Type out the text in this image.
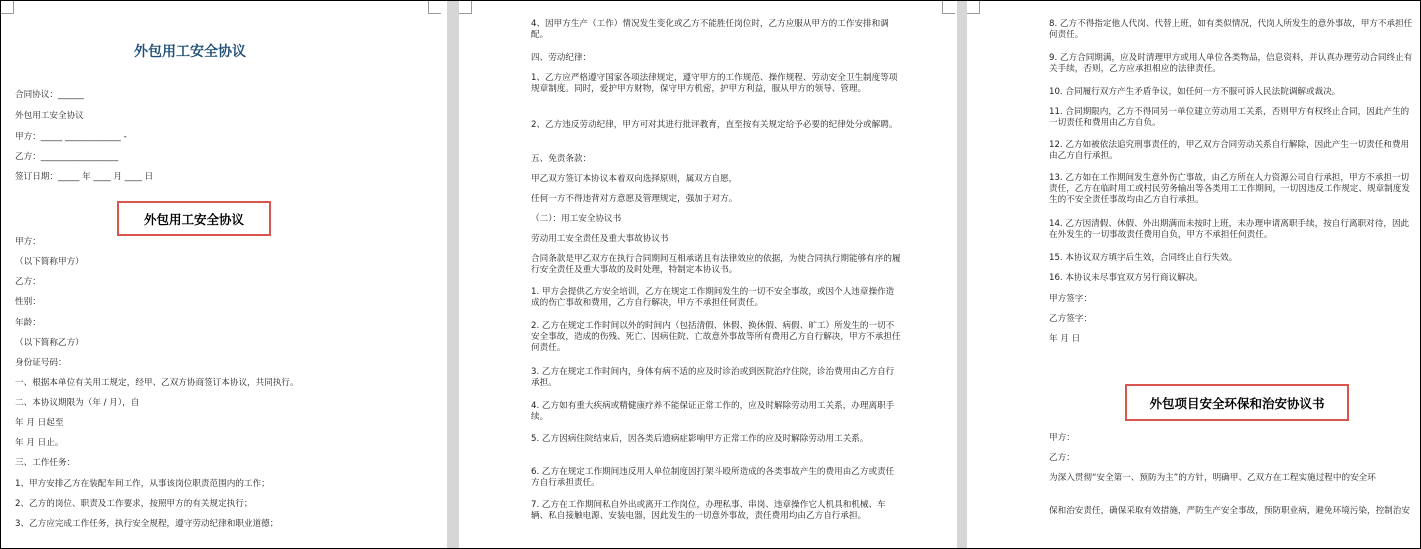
外包用工安全协议
合同协议：______
外包用工安全协议
甲方：_____ _____________ -
乙方：__________________
签订日期：_____ 年 ____ 月 ____ 日
外包用工安全协议
甲方：
（以下简称甲方）
乙方：
性别：
年龄：
（以下简称乙方）
身份证号码：
一、根据本单位有关用工规定，经甲、乙双方协商签订本协议，共同执行。
二、本协议期限为（年 / 月），自
年 月 日起至
年 月 日止。
三、工作任务：
1、甲方安排乙方在装配车间工作，从事该岗位职责范围内的工作；
2、乙方的岗位、职责及工作要求，按照甲方的有关规定执行；
3、乙方应完成工作任务，执行安全规程，遵守劳动纪律和职业道德；
4、因甲方生产（工作）情况发生变化或乙方不能胜任岗位时，乙方应服从甲方的工作安排和调配。
四、劳动纪律：
1、乙方应严格遵守国家各项法律规定，遵守甲方的工作规范、操作规程、劳动安全卫生制度等项规章制度。同时，爱护甲方财物，保守甲方机密，护甲方利益，服从甲方的领导、管理。
2、乙方违反劳动纪律，甲方可对其进行批评教育，直至按有关规定给予必要的纪律处分或解聘。
五、免责条款：
甲乙双方签订本协议本着双向选择原则，属双方自愿，
任何一方不得违背对方意愿及管理规定，强加于对方。
（二）：用工安全协议书
劳动用工安全责任及重大事故协议书
合同条款是甲乙双方在执行合同期间互相承诺且有法律效应的依据，为使合同执行期能够有序的履行安全责任及重大事故的及时处理，特制定本协议书。
1. 甲方会提供乙方安全培训，乙方在规定工作期间发生的一切不安全事故，或因个人违章操作造成的伤亡事故和费用，乙方自行解决，甲方不承担任何责任。
2. 乙方在规定工作时间以外的时间内（包括清假、休假、换休假、病假、旷工）所发生的一切不安全事故，造成的伤残、死亡、因病住院、亡故意外事故等所有费用乙方自行解决，甲方不承担任何责任。
3. 乙方在规定工作时间内，身体有病不适的应及时诊治或到医院治疗住院，诊治费用由乙方自行承担。
4. 乙方如有重大疾病或精健康疗养不能保证正常工作的，应及时解除劳动用工关系，办理离职手续。
5. 乙方因病住院结束后，因各类后遗病症影响甲方正常工作的应及时解除劳动用工关系。
6. 乙方在规定工作期间违反用人单位制度因打架斗殴所造成的各类事故产生的费用由乙方或责任方自行承担责任。
7. 乙方在工作期间私自外出或离开工作岗位，办理私事、串岗、违章操作它人机具和机械、车辆、私自接触电源、安装电器，因此发生的一切意外事故，责任费用均由乙方自行承担。
8. 乙方不得指定他人代岗、代替上班，如有类似情况，代岗人所发生的意外事故，甲方不承担任何责任。
9. 乙方合同期满，应及时清理甲方或用人单位各类物品，信息资料，并认真办理劳动合同终止有关手续，否则，乙方应承担相应的法律责任。
10. 合同履行双方产生矛盾争议，如任何一方不服可诉人民法院调解或裁决。
11. 合同期限内，乙方不得同另一单位建立劳动用工关系，否则甲方有权终止合同，因此产生的一切责任和费用由乙方自负。
12. 乙方如被依法追究刑事责任的，甲乙双方合同劳动关系自行解除，因此产生一切责任和费用由乙方自行承担。
13. 乙方如在工作期间发生意外伤亡事故，由乙方所在人力资源公司自行承担，甲方不承担一切责任，乙方在临时用工或村民劳务输出等各类用工工作期间，一切因违反工作规定、规章制度发生的不安全责任事故均由乙方自行承担。
14. 乙方因清假、休假、外出期满而未按时上班，未办理申请离职手续，按自行离职对待，因此在外发生的一切事故责任费用自负，甲方不承担任何责任。
15. 本协议双方填字后生效，合同终止自行失效。
16. 本协议未尽事宜双方另行商议解决。
甲方签字：
乙方签字：
年 月 日
外包项目安全环保和治安协议书
甲方：
乙方：
为深入贯彻“安全第一、预防为主”的方针，明确甲、乙双方在工程实施过程中的安全环
保和治安责任，确保采取有效措施，严防生产安全事故，预防职业病，避免环境污染，控制治安
